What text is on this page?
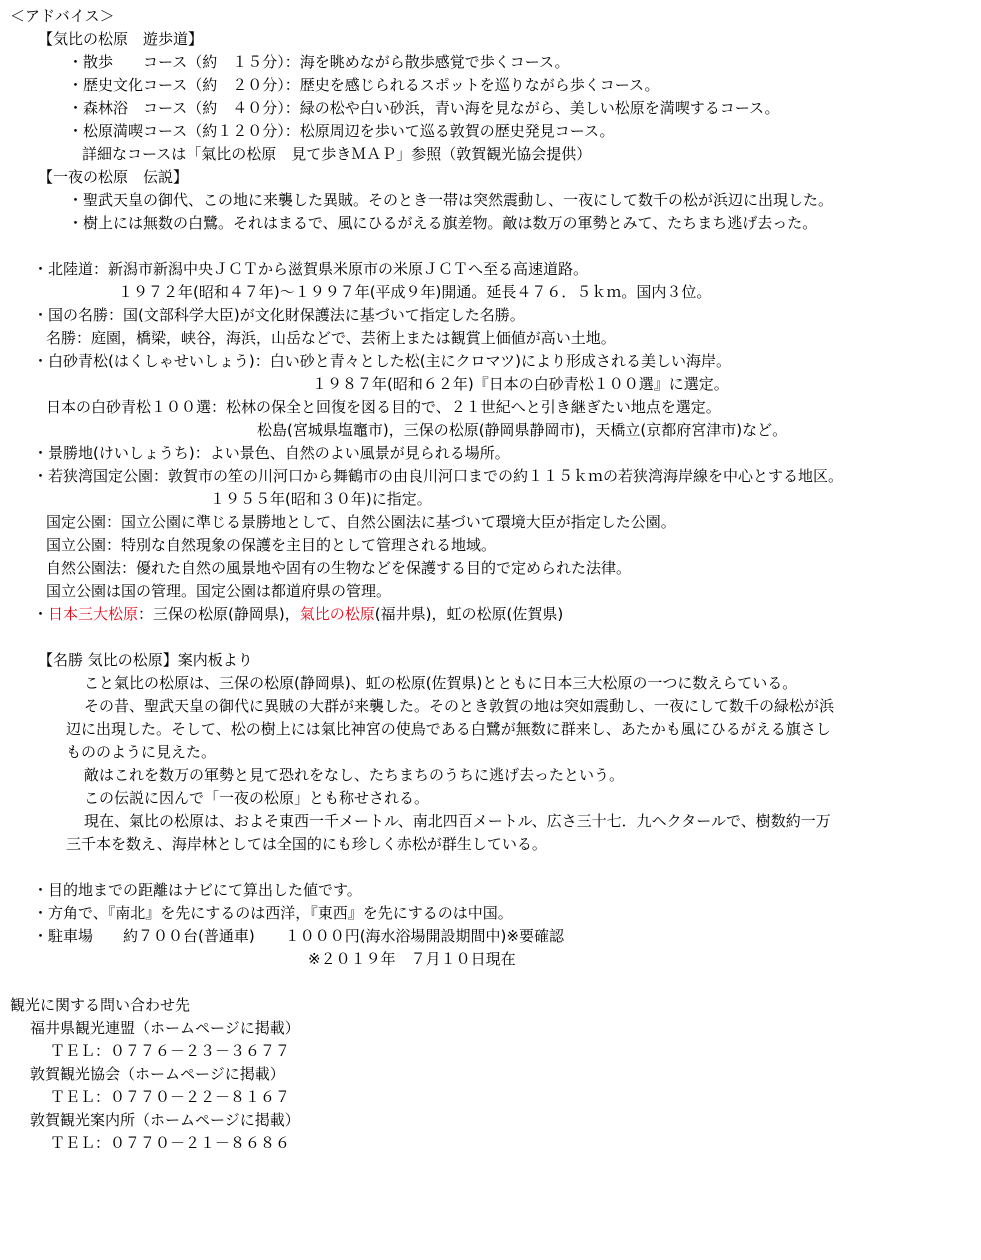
＜アドバイス＞
【気比の松原　遊歩道】
・散歩　　コース（約　１５分）：海を眺めながら散歩感覚で歩くコース。
・歴史文化コース（約　２０分）：歴史を感じられるスポットを巡りながら歩くコース。
・森林浴　コース（約　４０分）：緑の松や白い砂浜，青い海を見ながら、美しい松原を満喫するコース。
・松原満喫コース（約１２０分）：松原周辺を歩いて巡る敦賀の歴史発見コース。
詳細なコースは「氣比の松原　見て歩きＭＡＰ」参照（敦賀観光協会提供）
【一夜の松原　伝説】
・聖武天皇の御代、この地に来襲した異賊。そのとき一帯は突然震動し、一夜にして数千の松が浜辺に出現した。
・樹上には無数の白鷺。それはまるで、風にひるがえる旗差物。敵は数万の軍勢とみて、たちまち逃げ去った。
・北陸道：新潟市新潟中央ＪＣＴから滋賀県米原市の米原ＪＣＴへ至る高速道路。
１９７２年(昭和４７年)～１９９７年(平成９年)開通。延長４７６．５ｋｍ。国内３位。
・国の名勝：国(文部科学大臣)が文化財保護法に基づいて指定した名勝。
名勝：庭園，橋梁，峡谷，海浜，山岳などで、芸術上または観賞上価値が高い土地。
・白砂青松(はくしゃせいしょう)：白い砂と青々とした松(主にクロマツ)により形成される美しい海岸。
１９８７年(昭和６２年)『日本の白砂青松１００選』に選定。
日本の白砂青松１００選：松林の保全と回復を図る目的で、２１世紀へと引き継ぎたい地点を選定。
松島(宮城県塩竈市)，三保の松原(静岡県静岡市)，天橋立(京都府宮津市)など。
・景勝地(けいしょうち)：よい景色、自然のよい風景が見られる場所。
・若狭湾国定公園：敦賀市の笙の川河口から舞鶴市の由良川河口までの約１１５ｋｍの若狭湾海岸線を中心とする地区。
１９５５年(昭和３０年)に指定。
国定公園：国立公園に準じる景勝地として、自然公園法に基づいて環境大臣が指定した公園。
国立公園：特別な自然現象の保護を主目的として管理される地域。
自然公園法：優れた自然の風景地や固有の生物などを保護する目的で定められた法律。
国立公園は国の管理。国定公園は都道府県の管理。
・日本三大松原：三保の松原(静岡県)，氣比の松原(福井県)，虹の松原(佐賀県)
【名勝 気比の松原】案内板より
こと氣比の松原は、三保の松原(静岡県)、虹の松原(佐賀県)とともに日本三大松原の一つに数えらている。
その昔、聖武天皇の御代に異賊の大群が来襲した。そのとき敦賀の地は突如震動し、一夜にして数千の緑松が浜
辺に出現した。そして、松の樹上には氣比神宮の使鳥である白鷺が無数に群来し、あたかも風にひるがえる旗さし
もののように見えた。
敵はこれを数万の軍勢と見て恐れをなし、たちまちのうちに逃げ去ったという。
この伝説に因んで「一夜の松原」とも称せされる。
現在、氣比の松原は、およそ東西一千メートル、南北四百メートル、広さ三十七．九ヘクタールで、樹数約一万
三千本を数え、海岸林としては全国的にも珍しく赤松が群生している。
・目的地までの距離はナビにて算出した値です。
・方角で、『南北』を先にするのは西洋，『東西』を先にするのは中国。
・駐車場　　約７００台(普通車)　　１０００円(海水浴場開設期間中)※要確認
※２０１９年　７月１０日現在
観光に関する問い合わせ先
福井県観光連盟（ホームページに掲載）
ＴＥＬ：０７７６－２３－３６７７
敦賀観光協会（ホームページに掲載）
ＴＥＬ：０７７０－２２－８１６７
敦賀観光案内所（ホームページに掲載）
ＴＥＬ：０７７０－２１－８６８６
